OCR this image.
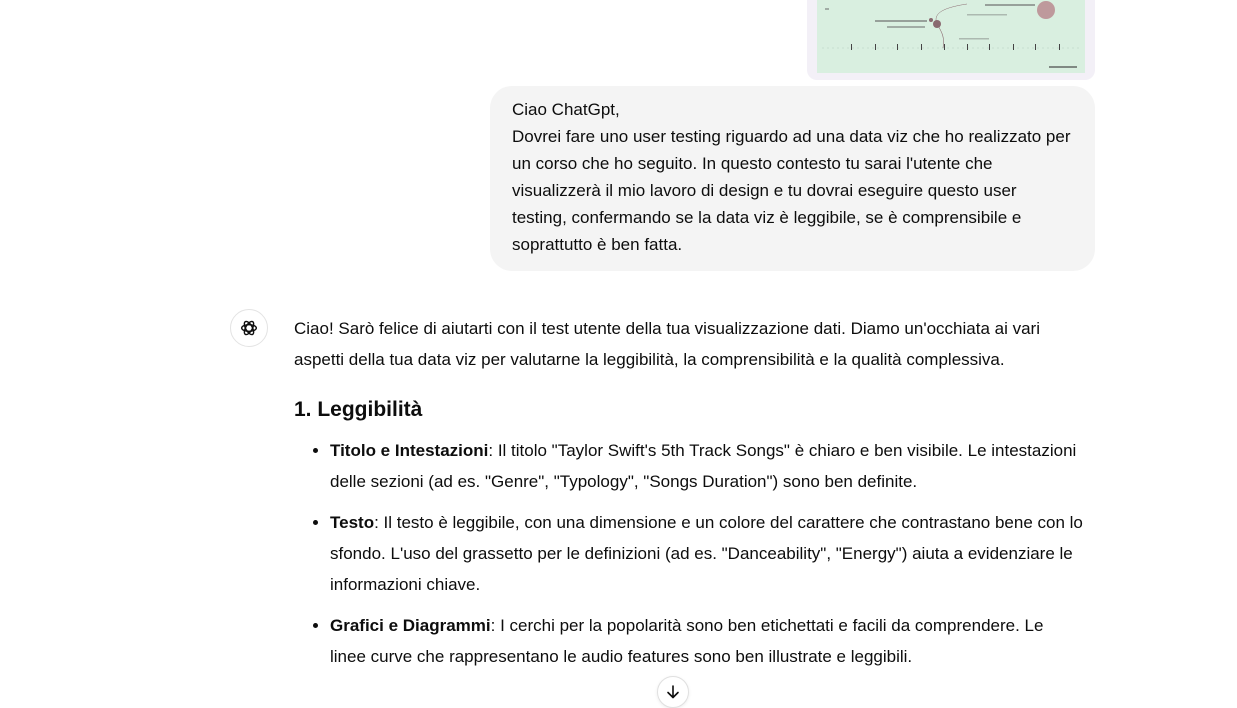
Ciao ChatGpt,

Dovrei fare uno user testing riguardo ad una data viz che ho realizzato per un corso che ho seguito. In questo contesto tu sarai l'utente che visualizzerà il mio lavoro di design e tu dovrai eseguire questo user testing, confermando se la data viz è leggibile, se è comprensibile e soprattutto è ben fatta.

Ciao! Sarò felice di aiutarti con il test utente della tua visualizzazione dati. Diamo un'occhiata ai vari aspetti della tua data viz per valutarne la leggibilità, la comprensibilità e la qualità complessiva.

1. Leggibilità
• Titolo e Intestazioni: Il titolo "Taylor Swift's 5th Track Songs" è chiaro e ben visibile. Le intestazioni delle sezioni (ad es. "Genre", "Typology", "Songs Duration") sono ben definite.
• Testo: Il testo è leggibile, con una dimensione e un colore del carattere che contrastano bene con lo sfondo. L'uso del grassetto per le definizioni (ad es. "Danceability", "Energy") aiuta a evidenziare le informazioni chiave.
• Grafici e Diagrammi: I cerchi per la popolarità sono ben etichettati e facili da comprendere. Le linee curve che rappresentano le audio features sono ben illustrate e leggibili.
